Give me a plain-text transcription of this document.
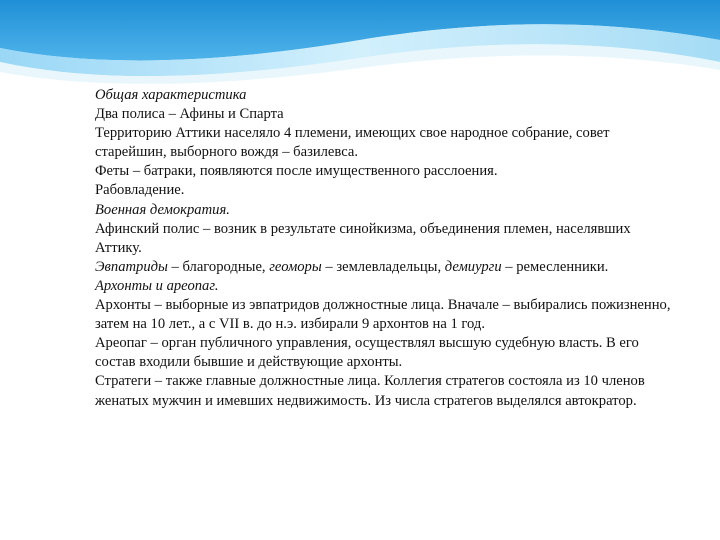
Общая характеристика

Два полиса – Афины и Спарта

Территорию Аттики населяло 4 племени, имеющих свое народное собрание, совет старейшин, выборного вождя – базилевса.

Феты – батраки, появляются после имущественного расслоения.

Рабовладение.

Военная демократия.

Афинский полис – возник в результате синойкизма, объединения племен, населявших Аттику.

Эвпатриды – благородные, геоморы – землевладельцы, демиурги – ремесленники.

Архонты и ареопаг.

Архонты – выборные из эвпатридов должностные лица. Вначале – выбирались пожизненно, затем на 10 лет., а с VII в. до н.э. избирали 9 архонтов на 1 год.

Ареопаг – орган публичного управления, осуществлял высшую судебную власть. В его состав входили бывшие и действующие архонты.

Стратеги – также главные должностные лица. Коллегия стратегов состояла из 10 членов женатых мужчин и имевших недвижимость. Из числа стратегов выделялся автократор.
